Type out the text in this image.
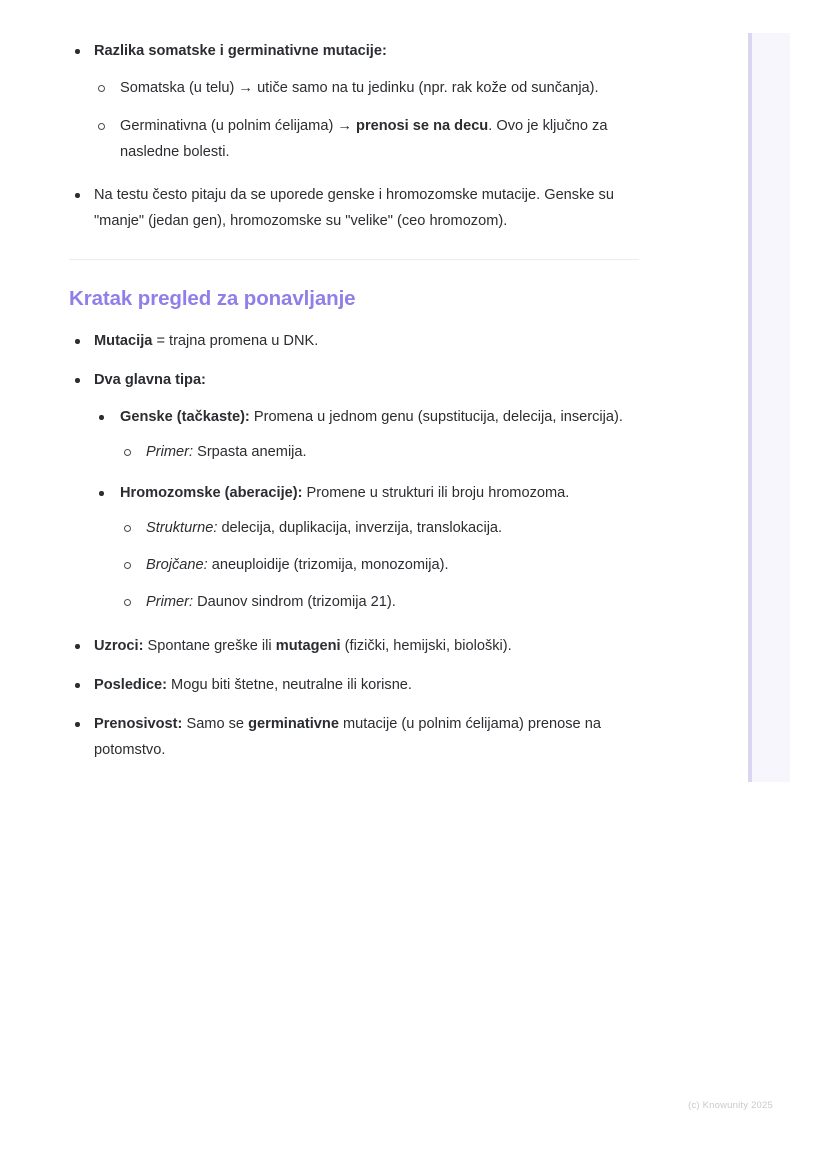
Razlika somatske i germinativne mutacije:
Somatska (u telu) → utiče samo na tu jedinku (npr. rak kože od sunčanja).
Germinativna (u polnim ćelijama) → prenosi se na decu. Ovo je ključno za nasledne bolesti.
Na testu često pitaju da se uporede genske i hromozomske mutacije. Genske su "manje" (jedan gen), hromozomske su "velike" (ceo hromozom).
Kratak pregled za ponavljanje
Mutacija = trajna promena u DNK.
Dva glavna tipa:
Genske (tačkaste): Promena u jednom genu (supstitucija, delecija, insercija).
Primer: Srpasta anemija.
Hromozomske (aberacije): Promene u strukturi ili broju hromozoma.
Strukturne: delecija, duplikacija, inverzija, translokacija.
Brojčane: aneuploidije (trizomija, monozomija).
Primer: Daunov sindrom (trizomija 21).
Uzroci: Spontane greške ili mutageni (fizički, hemijski, biološki).
Posledice: Mogu biti štetne, neutralne ili korisne.
Prenosivost: Samo se germinativne mutacije (u polnim ćelijama) prenose na potomstvo.
(c) Knowunity 2025
